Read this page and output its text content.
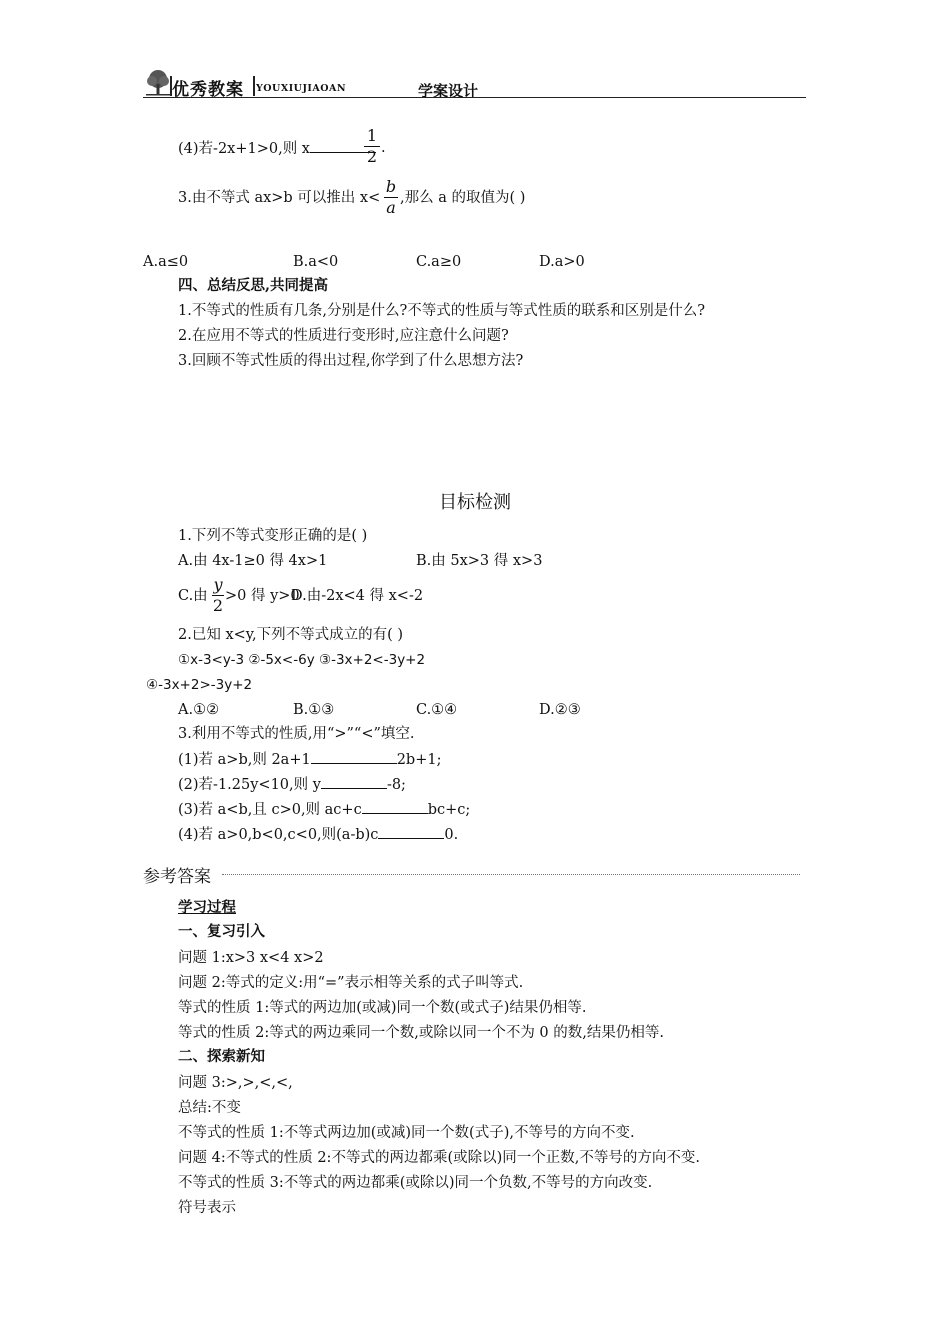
优秀教案 YOUXIUJIAOAN	学案设计
(4)若-2x+1>0,则 x
1
2 .
3.由不等式 ax>b 可以推出 x<
b
a ,那么 a 的取值为( )
A.a≤0	B.a<0	C.a≥0	D.a>0
四、总结反思,共同提高
1.不等式的性质有几条,分别是什么?不等式的性质与等式性质的联系和区别是什么?
2.在应用不等式的性质进行变形时,应注意什么问题?
3.回顾不等式性质的得出过程,你学到了什么思想方法?
目标检测
1.下列不等式变形正确的是( )
A.由 4x-1≥0 得 4x>1	B.由 5x>3 得 x>3
C.由
y
2 >0 得 y>0
D.由-2x<4 得 x<-2
2.已知 x<y,下列不等式成立的有( )
①x-3<y-3 ②-5x<-6y ③-3x+2<-3y+2
④-3x+2>-3y+2
A.①②	B.①③	C.①④	D.②③
3.利用不等式的性质,用“>”“<”填空.
(1)若 a>b,则 2a+1	2b+1;
(2)若-1.25y<10,则 y	-8;
(3)若 a<b,且 c>0,则 ac+c	bc+c;
(4)若 a>0,b<0,c<0,则(a-b)c	0.
参考答案
学习过程
一、复习引入
问题 1:x>3 x<4 x>2
问题 2:等式的定义:用“=”表示相等关系的式子叫等式.
等式的性质 1:等式的两边加(或减)同一个数(或式子)结果仍相等.
等式的性质 2:等式的两边乘同一个数,或除以同一个不为 0 的数,结果仍相等.
二、探索新知
问题 3:>,>,<,<,
总结:不变
不等式的性质 1:不等式两边加(或减)同一个数(式子),不等号的方向不变.
问题 4:不等式的性质 2:不等式的两边都乘(或除以)同一个正数,不等号的方向不变.
不等式的性质 3:不等式的两边都乘(或除以)同一个负数,不等号的方向改变.
符号表示
